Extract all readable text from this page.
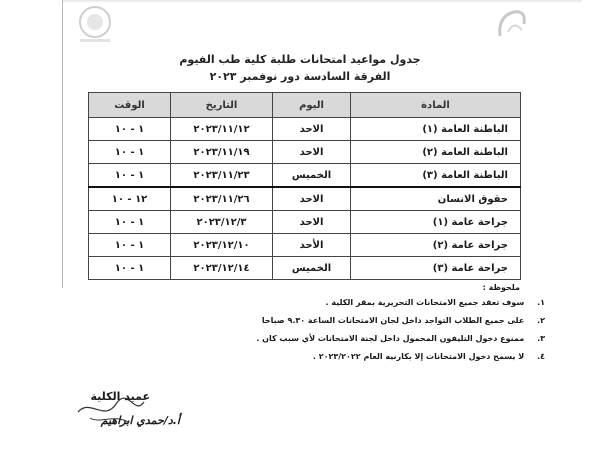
جدول مواعيد امتحانات طلبة كلية طب الفيوم
الفرقة السادسة دور نوفمبر ٢٠٢٣
المادة	اليوم	التاريخ	الوقت
الباطنة العامة (١)	الاحد	٢٠٢٣/١١/١٢	١ - ١٠
الباطنة العامة (٢)	الاحد	٢٠٢٣/١١/١٩	١ - ١٠
الباطنة العامة (٣)	الخميس	٢٠٢٣/١١/٢٣	١ - ١٠
حقوق الانسان	الاحد	٢٠٢٣/١١/٢٦	١٢ - ١٠
جراحة عامة (١)	الاحد	٢٠٢٣/١٢/٣	١ - ١٠
جراحة عامة (٢)	الأحد	٢٠٢٣/١٢/١٠	١ - ١٠
جراحة عامة (٣)	الخميس	٢٠٢٣/١٢/١٤	١ - ١٠
ملحوظة :
١. سوف تعقد جميع الامتحانات التحريرية بمقر الكلية .
٢. على جميع الطلاب التواجد داخل لجان الامتحانات الساعة ٩.٣٠ صباحا
٣. ممنوع دخول التليفون المحمول داخل لجنة الامتحانات لأي سبب كان .
٤. لا يسمح دخول الامتحانات إلا بكارنيه العام ٢٠٢٣/٢٠٢٢ .
عميد الكلية
أ.د/حمدي ابراهيم
